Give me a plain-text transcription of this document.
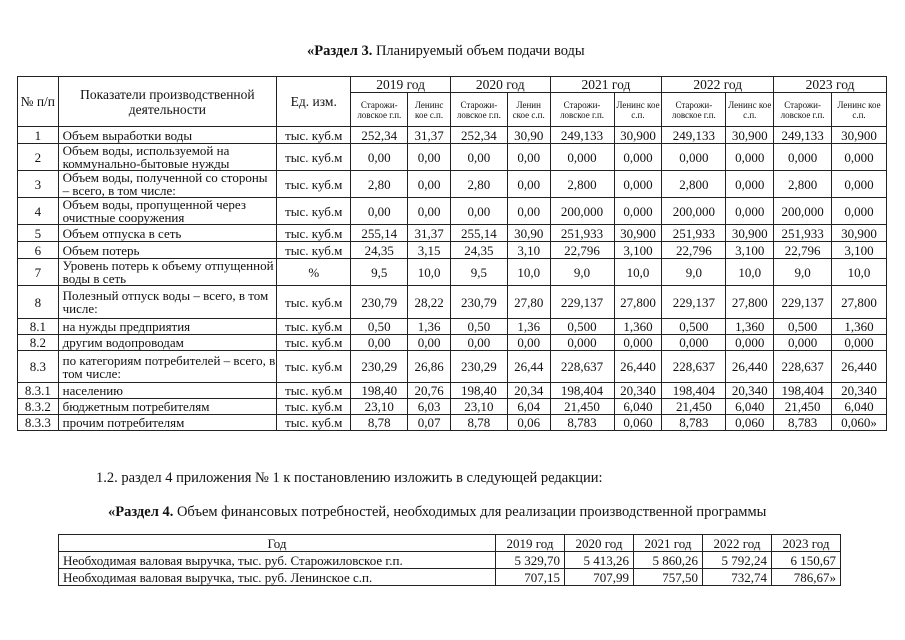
«Раздел 3. Планируемый объем подачи воды
№ п/п	Показатели производственной деятельности	Ед. изм.	2019 год		2020 год		2021 год		2022 год		2023 год	
			Старожи-ловское г.п.	Ленинс кое с.п.	Старожи-ловское г.п.	Ленин ское с.п.	Старожи-ловское г.п.	Ленинс кое с.п.	Старожи-ловское г.п.	Ленинс кое с.п.	Старожи-ловское г.п.	Ленинс кое с.п.
1	Объем выработки воды	тыс. куб.м	252,34	31,37	252,34	30,90	249,133	30,900	249,133	30,900	249,133	30,900
2	Объем воды, используемой на коммунально-бытовые нужды	тыс. куб.м	0,00	0,00	0,00	0,00	0,000	0,000	0,000	0,000	0,000	0,000
3	Объем воды, полученной со стороны – всего, в том числе:	тыс. куб.м	2,80	0,00	2,80	0,00	2,800	0,000	2,800	0,000	2,800	0,000
4	Объем воды, пропущенной через очистные сооружения	тыс. куб.м	0,00	0,00	0,00	0,00	200,000	0,000	200,000	0,000	200,000	0,000
5	Объем отпуска в сеть	тыс. куб.м	255,14	31,37	255,14	30,90	251,933	30,900	251,933	30,900	251,933	30,900
6	Объем потерь	тыс. куб.м	24,35	3,15	24,35	3,10	22,796	3,100	22,796	3,100	22,796	3,100
7	Уровень потерь к объему отпущенной воды в сеть	%	9,5	10,0	9,5	10,0	9,0	10,0	9,0	10,0	9,0	10,0
8	Полезный отпуск воды – всего, в том числе:	тыс. куб.м	230,79	28,22	230,79	27,80	229,137	27,800	229,137	27,800	229,137	27,800
8.1	на нужды предприятия	тыс. куб.м	0,50	1,36	0,50	1,36	0,500	1,360	0,500	1,360	0,500	1,360
8.2	другим водопроводам	тыс. куб.м	0,00	0,00	0,00	0,00	0,000	0,000	0,000	0,000	0,000	0,000
8.3	по категориям потребителей – всего, в том числе:	тыс. куб.м	230,29	26,86	230,29	26,44	228,637	26,440	228,637	26,440	228,637	26,440
8.3.1	населению	тыс. куб.м	198,40	20,76	198,40	20,34	198,404	20,340	198,404	20,340	198,404	20,340
8.3.2	бюджетным потребителям	тыс. куб.м	23,10	6,03	23,10	6,04	21,450	6,040	21,450	6,040	21,450	6,040
8.3.3	прочим потребителям	тыс. куб.м	8,78	0,07	8,78	0,06	8,783	0,060	8,783	0,060	8,783	0,060»
1.2. раздел 4 приложения № 1 к постановлению изложить в следующей редакции:
«Раздел 4. Объем финансовых потребностей, необходимых для реализации производственной программы
Год	2019 год	2020 год	2021 год	2022 год	2023 год
Необходимая валовая выручка, тыс. руб. Старожиловское г.п.	5 329,70	5 413,26	5 860,26	5 792,24	6 150,67
Необходимая валовая выручка, тыс. руб. Ленинское с.п.	707,15	707,99	757,50	732,74	786,67»
